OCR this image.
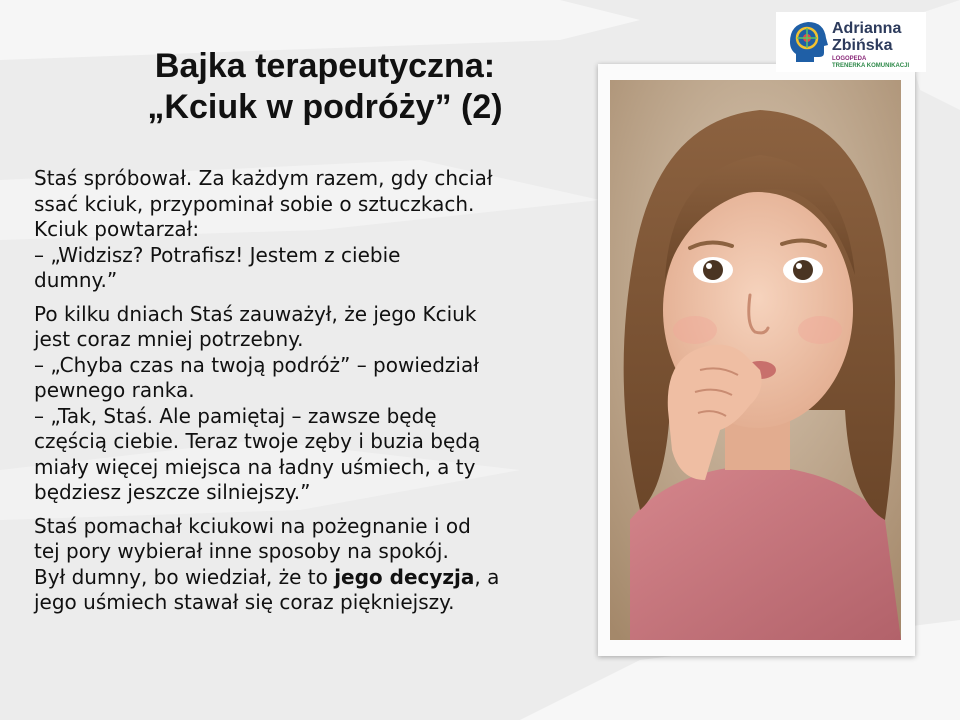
Bajka terapeutyczna:
„Kciuk w podróży” (2)
Staś spróbował. Za każdym razem, gdy chciał
ssać kciuk, przypominał sobie o sztuczkach.
Kciuk powtarzał:
– „Widzisz? Potrafisz! Jestem z ciebie
dumny.”
Po kilku dniach Staś zauważył, że jego Kciuk
jest coraz mniej potrzebny.
– „Chyba czas na twoją podróż” – powiedział
pewnego ranka.
– „Tak, Staś. Ale pamiętaj – zawsze będę
częścią ciebie. Teraz twoje zęby i buzia będą
miały więcej miejsca na ładny uśmiech, a ty
będziesz jeszcze silniejszy.”
Staś pomachał kciukowi na pożegnanie i od
tej pory wybierał inne sposoby na spokój.
Był dumny, bo wiedział, że to jego decyzja, a
jego uśmiech stawał się coraz piękniejszy.
Adrianna
Zbińska
LOGOPEDA
TRENERKA KOMUNIKACJI
